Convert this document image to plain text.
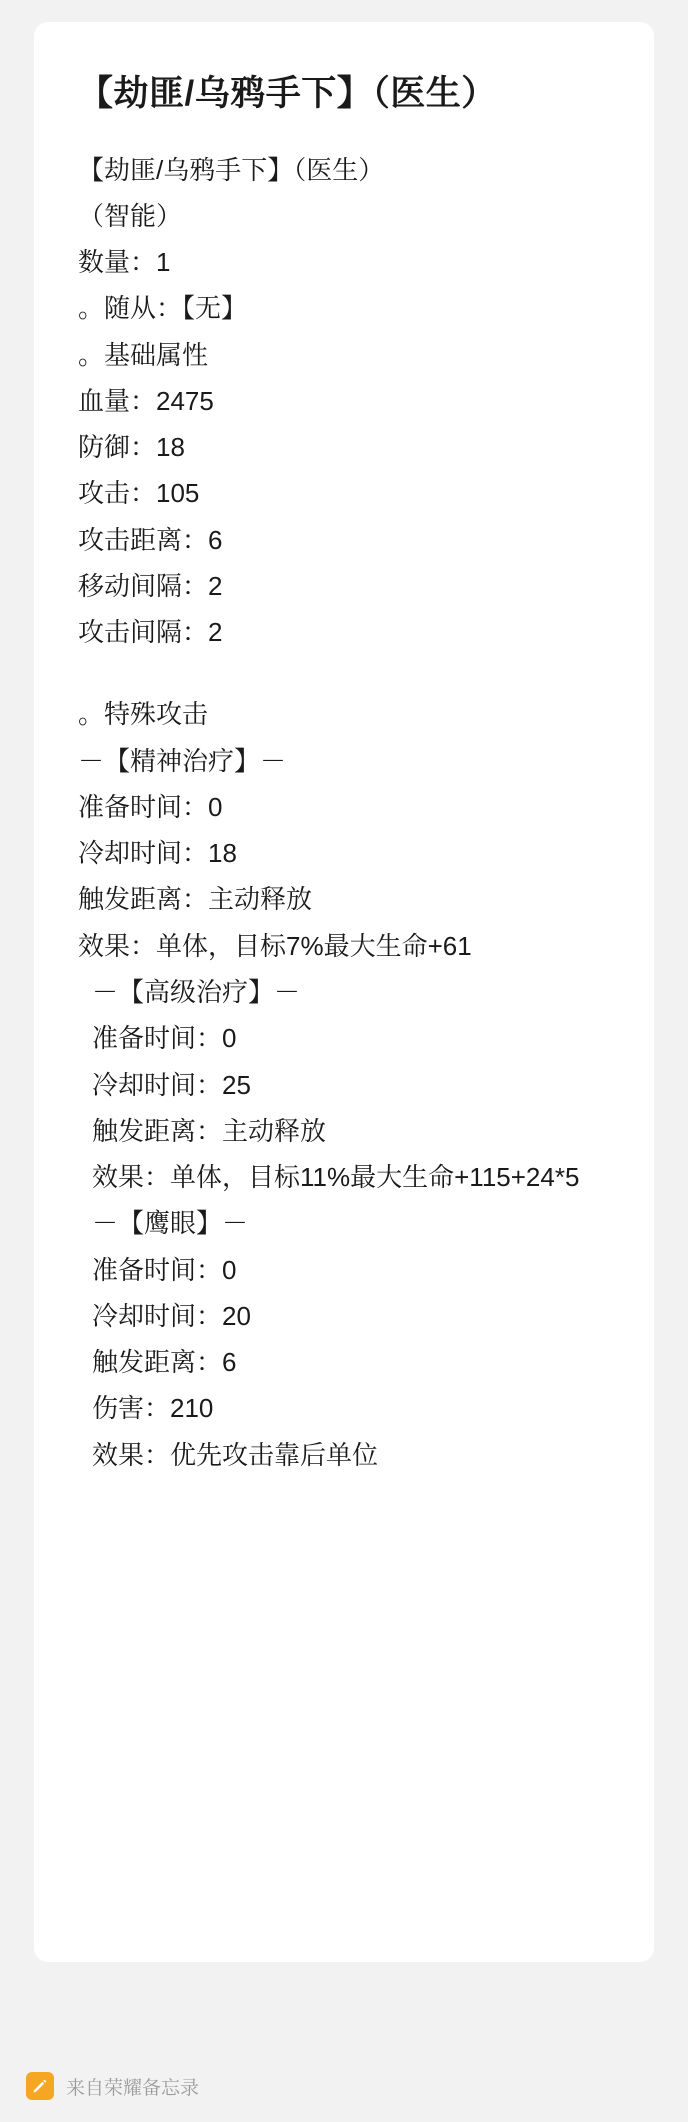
【劫匪/乌鸦手下】（医生）
【劫匪/乌鸦手下】（医生）
（智能）
数量：1
。随从：【无】
。基础属性
血量：2475
防御：18
攻击：105
攻击距离：6
移动间隔：2
攻击间隔：2
。特殊攻击
－【精神治疗】－
准备时间：0
冷却时间：18
触发距离：主动释放
效果：单体，目标7%最大生命+61
－【高级治疗】－
准备时间：0
冷却时间：25
触发距离：主动释放
效果：单体，目标11%最大生命+115+24*5
－【鹰眼】－
准备时间：0
冷却时间：20
触发距离：6
伤害：210
效果：优先攻击靠后单位
来自荣耀备忘录
